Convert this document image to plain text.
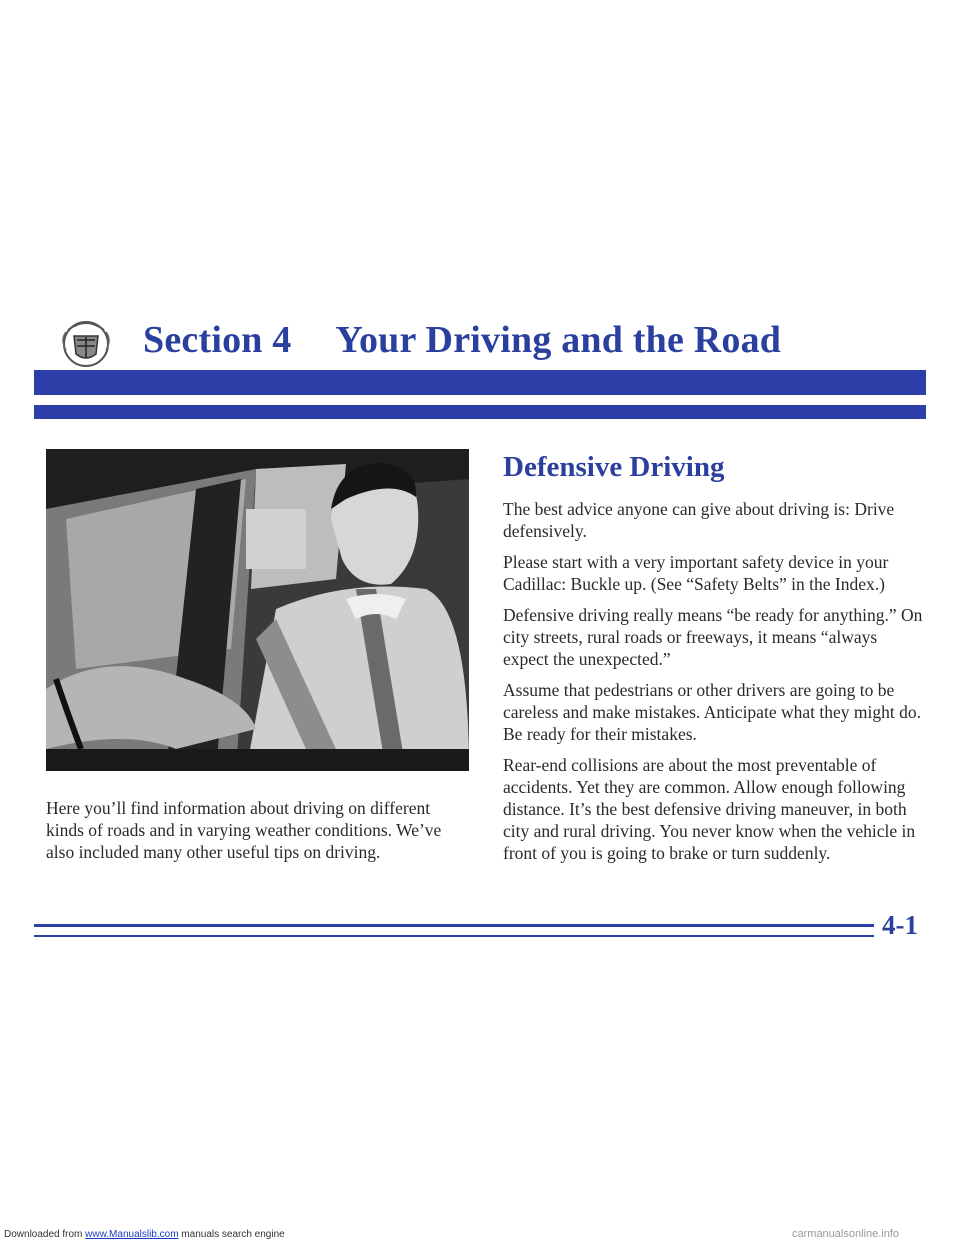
Section 4 Your Driving and the Road

Here you’ll find information about driving on different kinds of roads and in varying weather conditions. We’ve also included many other useful tips on driving.

Defensive Driving

The best advice anyone can give about driving is: Drive defensively.

Please start with a very important safety device in your Cadillac: Buckle up. (See “Safety Belts” in the Index.)

Defensive driving really means “be ready for anything.” On city streets, rural roads or freeways, it means “always expect the unexpected.”

Assume that pedestrians or other drivers are going to be careless and make mistakes. Anticipate what they might do. Be ready for their mistakes.

Rear-end collisions are about the most preventable of accidents. Yet they are common. Allow enough following distance. It’s the best defensive driving maneuver, in both city and rural driving. You never know when the vehicle in front of you is going to brake or turn suddenly.

4-1
Downloaded from www.Manualslib.com manuals search engine	carmanualsonline.info
